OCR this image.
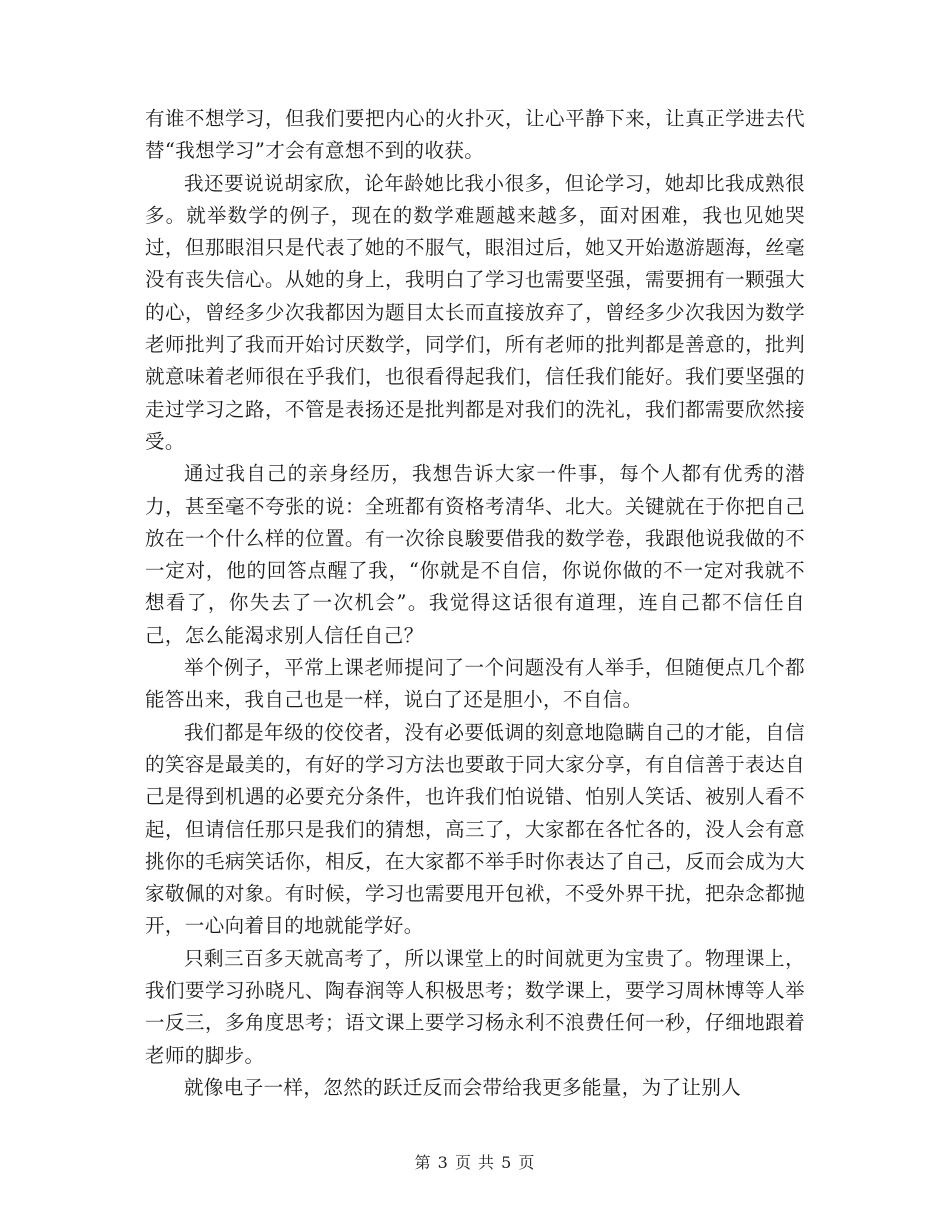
有谁不想学习，但我们要把内心的火扑灭，让心平静下来，让真正学进去代替“我想学习”才会有意想不到的收获。

我还要说说胡家欣，论年龄她比我小很多，但论学习，她却比我成熟很多。就举数学的例子，现在的数学难题越来越多，面对困难，我也见她哭过，但那眼泪只是代表了她的不服气，眼泪过后，她又开始遨游题海，丝毫没有丧失信心。从她的身上，我明白了学习也需要坚强，需要拥有一颗强大的心，曾经多少次我都因为题目太长而直接放弃了，曾经多少次我因为数学老师批判了我而开始讨厌数学，同学们，所有老师的批判都是善意的，批判就意味着老师很在乎我们，也很看得起我们，信任我们能好。我们要坚强的走过学习之路，不管是表扬还是批判都是对我们的洗礼，我们都需要欣然接受。

通过我自己的亲身经历，我想告诉大家一件事，每个人都有优秀的潜力，甚至毫不夸张的说：全班都有资格考清华、北大。关键就在于你把自己放在一个什么样的位置。有一次徐良駿要借我的数学卷，我跟他说我做的不一定对，他的回答点醒了我，“你就是不自信，你说你做的不一定对我就不想看了，你失去了一次机会”。我觉得这话很有道理，连自己都不信任自己，怎么能渴求别人信任自己？

举个例子，平常上课老师提问了一个问题没有人举手，但随便点几个都能答出来，我自己也是一样，说白了还是胆小，不自信。

我们都是年级的佼佼者，没有必要低调的刻意地隐瞒自己的才能，自信的笑容是最美的，有好的学习方法也要敢于同大家分享，有自信善于表达自己是得到机遇的必要充分条件，也许我们怕说错、怕别人笑话、被别人看不起，但请信任那只是我们的猜想，高三了，大家都在各忙各的，没人会有意挑你的毛病笑话你，相反，在大家都不举手时你表达了自己，反而会成为大家敬佩的对象。有时候，学习也需要甩开包袱，不受外界干扰，把杂念都抛开，一心向着目的地就能学好。

只剩三百多天就高考了，所以课堂上的时间就更为宝贵了。物理课上，我们要学习孙晓凡、陶春润等人积极思考；数学课上，要学习周林博等人举一反三，多角度思考；语文课上要学习杨永利不浪费任何一秒，仔细地跟着老师的脚步。

就像电子一样，忽然的跃迁反而会带给我更多能量，为了让别人

第 3 页 共 5 页
